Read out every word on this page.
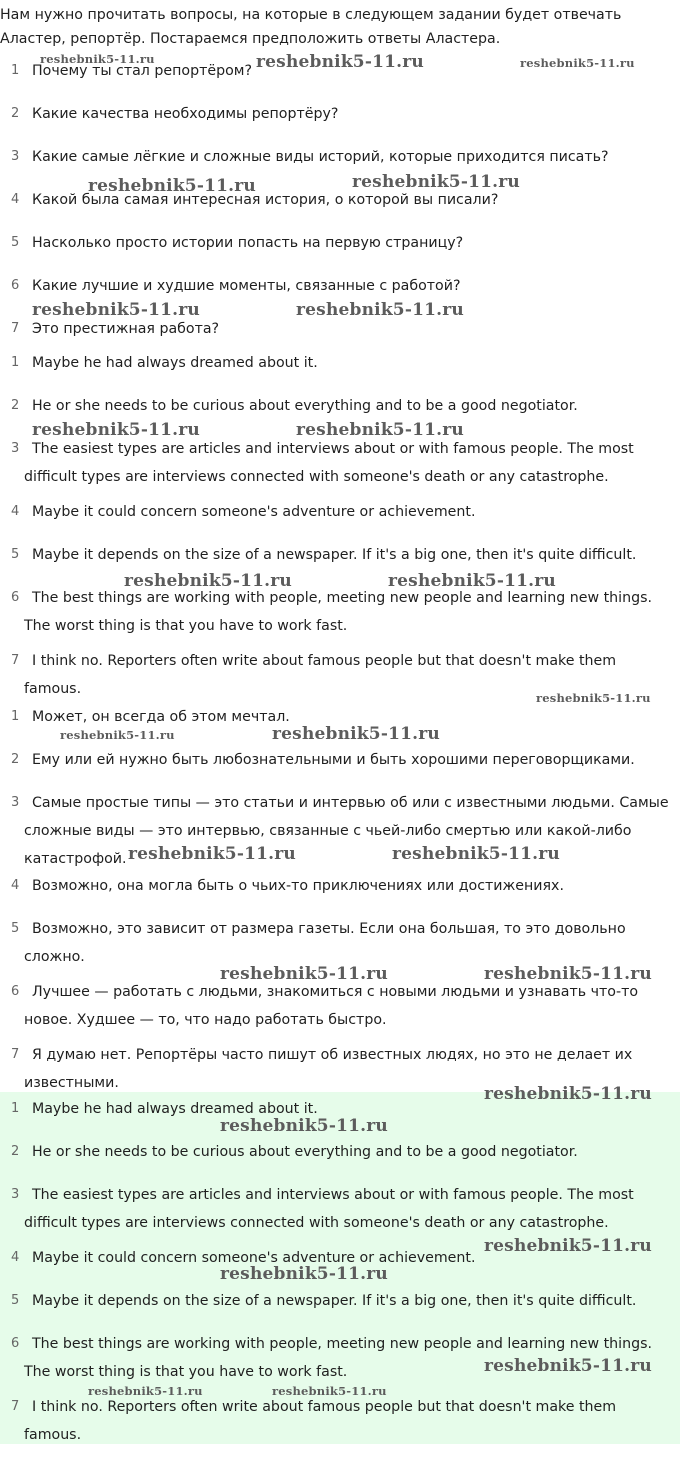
Нам нужно прочитать вопросы, на которые в следующем задании будет отвечать Аластер, репортёр. Постараемся предположить ответы Аластера.

1 Почему ты стал репортёром?
2 Какие качества необходимы репортёру?
3 Какие самые лёгкие и сложные виды историй, которые приходится писать?
4 Какой была самая интересная история, о которой вы писали?
5 Насколько просто истории попасть на первую страницу?
6 Какие лучшие и худшие моменты, связанные с работой?
7 Это престижная работа?
1 Maybe he had always dreamed about it.
2 He or she needs to be curious about everything and to be a good negotiator.
3 The easiest types are articles and interviews about or with famous people. The most difficult types are interviews connected with someone's death or any catastrophe.
4 Maybe it could concern someone's adventure or achievement.
5 Maybe it depends on the size of a newspaper. If it's a big one, then it's quite difficult.
6 The best things are working with people, meeting new people and learning new things. The worst thing is that you have to work fast.
7 I think no. Reporters often write about famous people but that doesn't make them famous.
1 Может, он всегда об этом мечтал.
2 Ему или ей нужно быть любознательными и быть хорошими переговорщиками.
3 Самые простые типы — это статьи и интервью об или с известными людьми. Самые сложные виды — это интервью, связанные с чьей-либо смертью или какой-либо катастрофой.
4 Возможно, она могла быть о чьих-то приключениях или достижениях.
5 Возможно, это зависит от размера газеты. Если она большая, то это довольно сложно.
6 Лучшее — работать с людьми, знакомиться с новыми людьми и узнавать что-то новое. Худшее — то, что надо работать быстро.
7 Я думаю нет. Репортёры часто пишут об известных людях, но это не делает их известными.
1 Maybe he had always dreamed about it.
2 He or she needs to be curious about everything and to be a good negotiator.
3 The easiest types are articles and interviews about or with famous people. The most difficult types are interviews connected with someone's death or any catastrophe.
4 Maybe it could concern someone's adventure or achievement.
5 Maybe it depends on the size of a newspaper. If it's a big one, then it's quite difficult.
6 The best things are working with people, meeting new people and learning new things. The worst thing is that you have to work fast.
7 I think no. Reporters often write about famous people but that doesn't make them famous.
reshebnik5-11.ru	reshebnik5-11.ru	reshebnik5-11.ru
reshebnik5-11.ru	reshebnik5-11.ru
reshebnik5-11.ru	reshebnik5-11.ru
reshebnik5-11.ru	reshebnik5-11.ru
reshebnik5-11.ru	reshebnik5-11.ru
reshebnik5-11.ru
reshebnik5-11.ru	reshebnik5-11.ru
reshebnik5-11.ru	reshebnik5-11.ru
reshebnik5-11.ru	reshebnik5-11.ru
reshebnik5-11.ru
reshebnik5-11.ru
reshebnik5-11.ru
reshebnik5-11.ru
reshebnik5-11.ru
reshebnik5-11.ru	reshebnik5-11.ru
